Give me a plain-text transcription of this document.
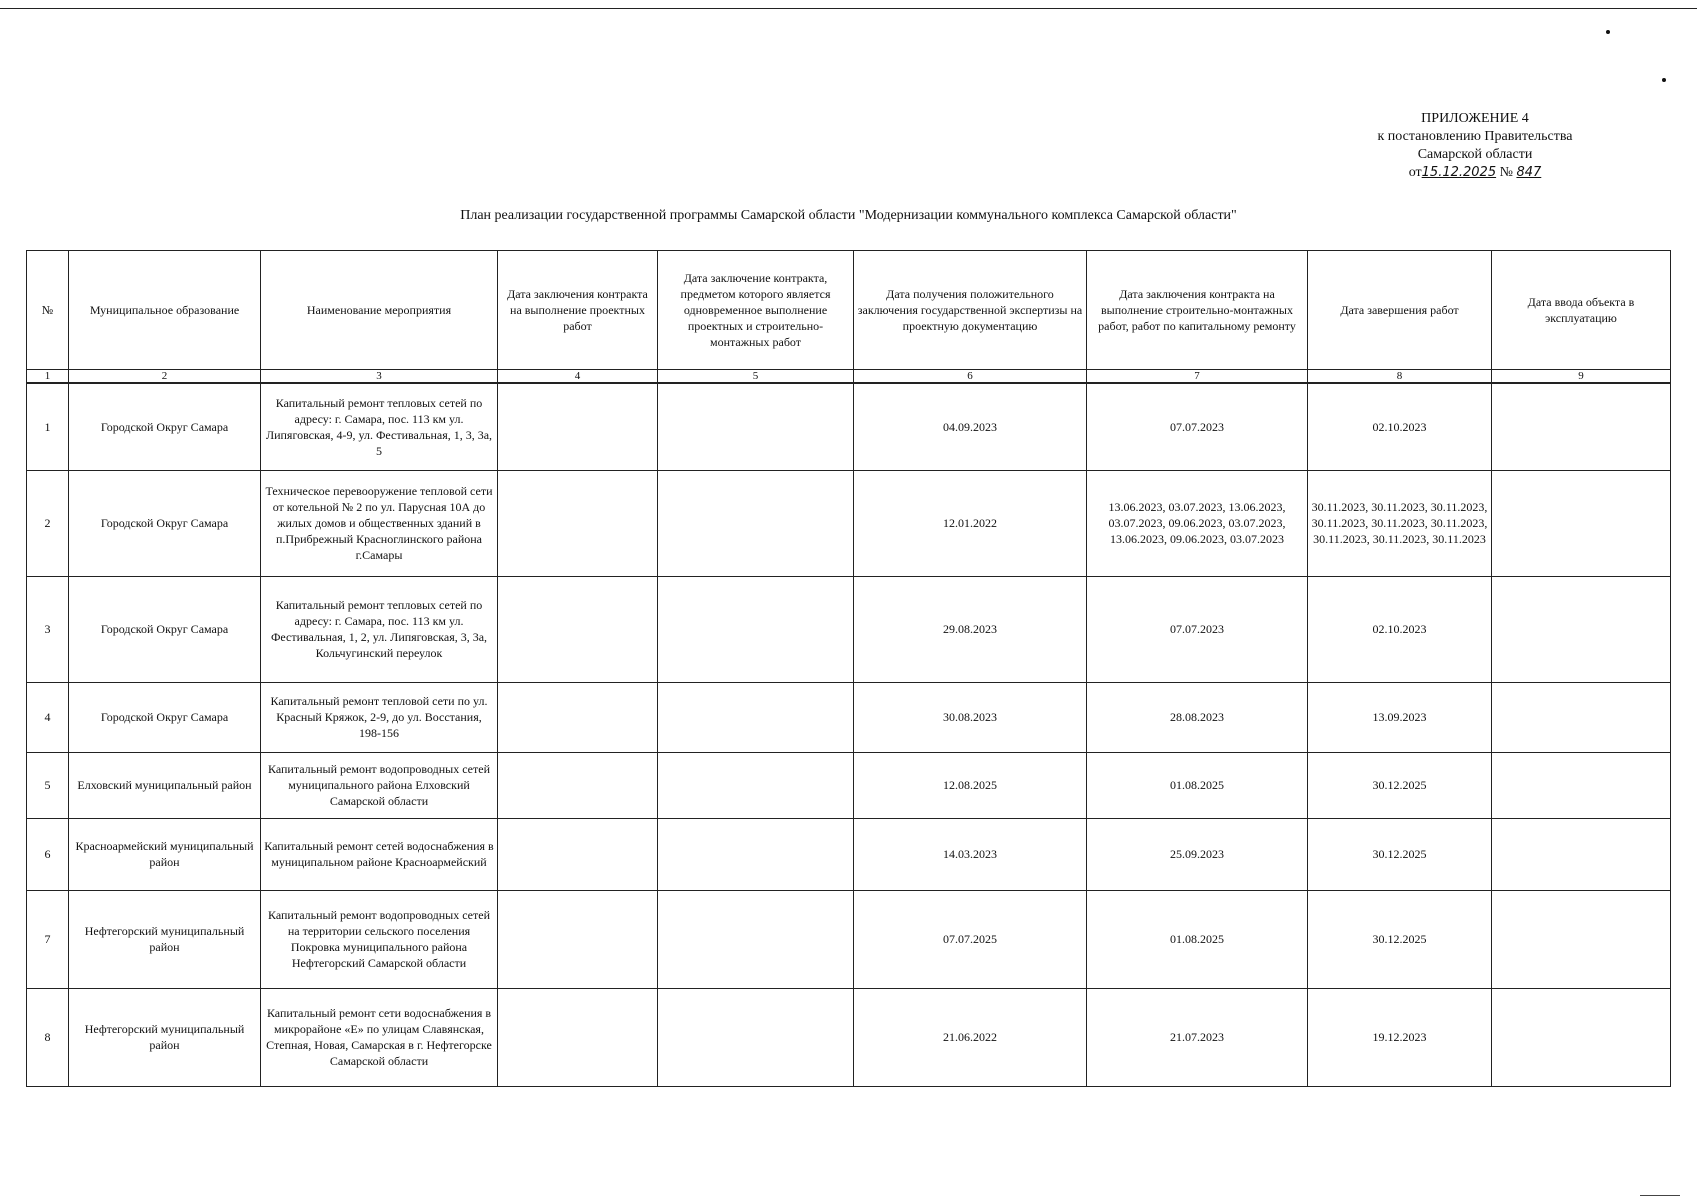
ПРИЛОЖЕНИЕ 4
к постановлению Правительства
Самарской области
от15.12.2025 № 847
План реализации государственной программы Самарской области "Модернизации коммунального комплекса Самарской области"
№	Муниципальное образование	Наименование мероприятия	Дата заключения контракта на выполнение проектных работ	Дата заключение контракта, предметом которого является одновременное выполнение проектных и строительно-монтажных работ	Дата получения положительного заключения государственной экспертизы на проектную документацию	Дата заключения контракта на выполнение строительно-монтажных работ, работ по капитальному ремонту	Дата завершения работ	Дата ввода объекта в эксплуатацию
1	2	3	4	5	6	7	8	9
1	Городской Округ Самара	Капитальный ремонт тепловых сетей по адресу: г. Самара, пос. 113 км ул. Липяговская, 4-9, ул. Фестивальная, 1, 3, 3а, 5			04.09.2023	07.07.2023	02.10.2023	
2	Городской Округ Самара	Техническое перевооружение тепловой сети от котельной № 2 по ул. Парусная 10А до жилых домов и общественных зданий в п.Прибрежный Красноглинского района г.Самары			12.01.2022	13.06.2023, 03.07.2023, 13.06.2023, 03.07.2023, 09.06.2023, 03.07.2023, 13.06.2023, 09.06.2023, 03.07.2023	30.11.2023, 30.11.2023, 30.11.2023, 30.11.2023, 30.11.2023, 30.11.2023, 30.11.2023, 30.11.2023, 30.11.2023	
3	Городской Округ Самара	Капитальный ремонт тепловых сетей по адресу: г. Самара, пос. 113 км ул. Фестивальная, 1, 2, ул. Липяговская, 3, 3а, Кольчугинский переулок			29.08.2023	07.07.2023	02.10.2023	
4	Городской Округ Самара	Капитальный ремонт тепловой сети по ул. Красный Кряжок, 2-9, до ул. Восстания, 198-156			30.08.2023	28.08.2023	13.09.2023	
5	Елховский муниципальный район	Капитальный ремонт водопроводных сетей муниципального района Елховский Самарской области			12.08.2025	01.08.2025	30.12.2025	
6	Красноармейский муниципальный район	Капитальный ремонт сетей водоснабжения в муниципальном районе Красноармейский			14.03.2023	25.09.2023	30.12.2025	
7	Нефтегорский муниципальный район	Капитальный ремонт водопроводных сетей на территории сельского поселения Покровка муниципального района Нефтегорский Самарской области			07.07.2025	01.08.2025	30.12.2025	
8	Нефтегорский муниципальный район	Капитальный ремонт сети водоснабжения в микрорайоне «Е» по улицам Славянская, Степная, Новая, Самарская в г. Нефтегорске Самарской области			21.06.2022	21.07.2023	19.12.2023	
